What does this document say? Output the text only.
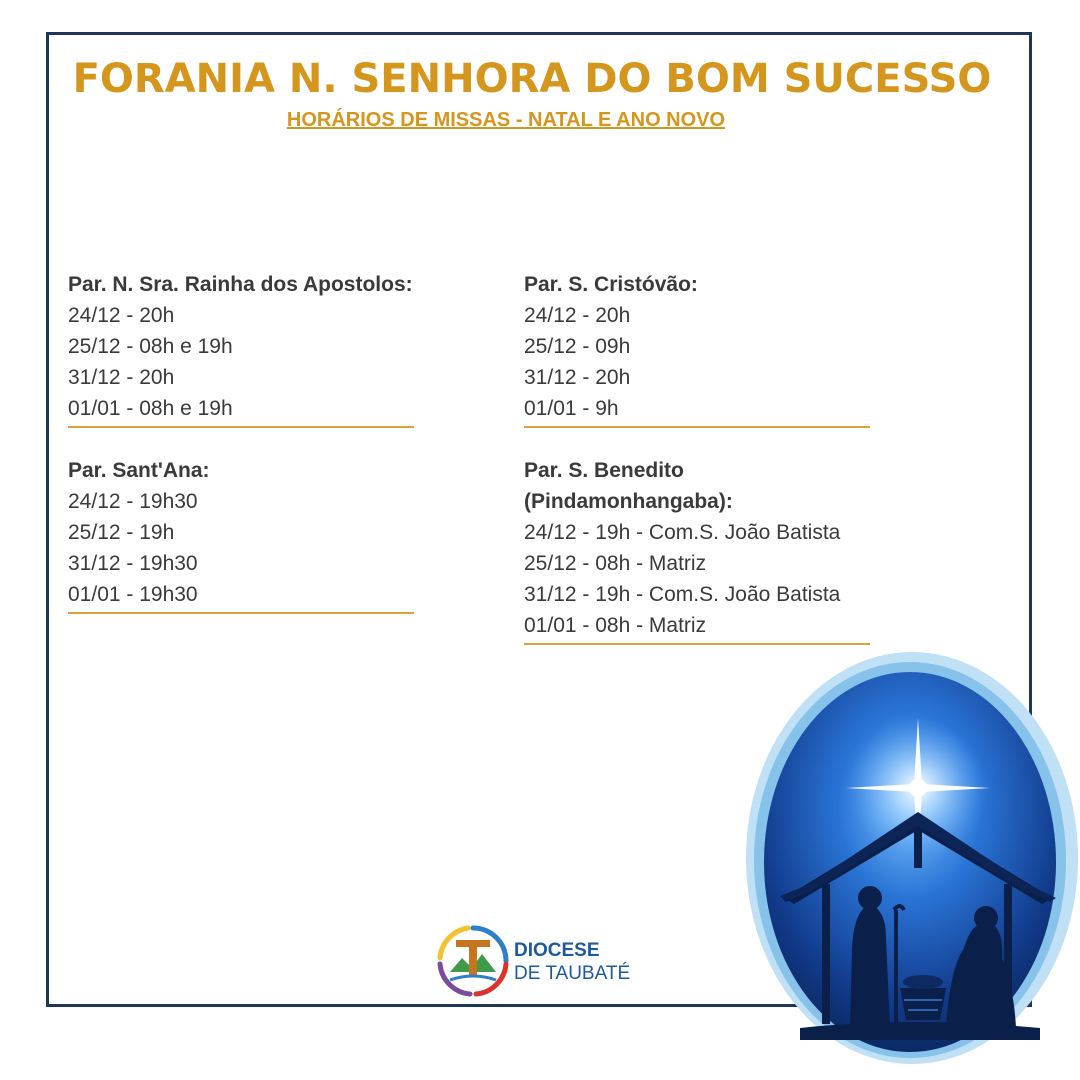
FORANIA N. SENHORA DO BOM SUCESSO
HORÁRIOS DE MISSAS - NATAL E ANO NOVO
Par. N. Sra. Rainha dos Apostolos:
24/12 - 20h
25/12 - 08h e 19h
31/12 - 20h
01/01 - 08h e 19h
Par. S. Cristóvão:
24/12 - 20h
25/12 - 09h
31/12 - 20h
01/01 - 9h
Par. Sant'Ana:
24/12 - 19h30
25/12 - 19h
31/12 - 19h30
01/01 - 19h30
Par. S. Benedito
(Pindamonhangaba):
24/12 - 19h - Com.S. João Batista
25/12 - 08h - Matriz
31/12 - 19h - Com.S. João Batista
01/01 - 08h - Matriz
DIOCESE
DE TAUBATÉ
